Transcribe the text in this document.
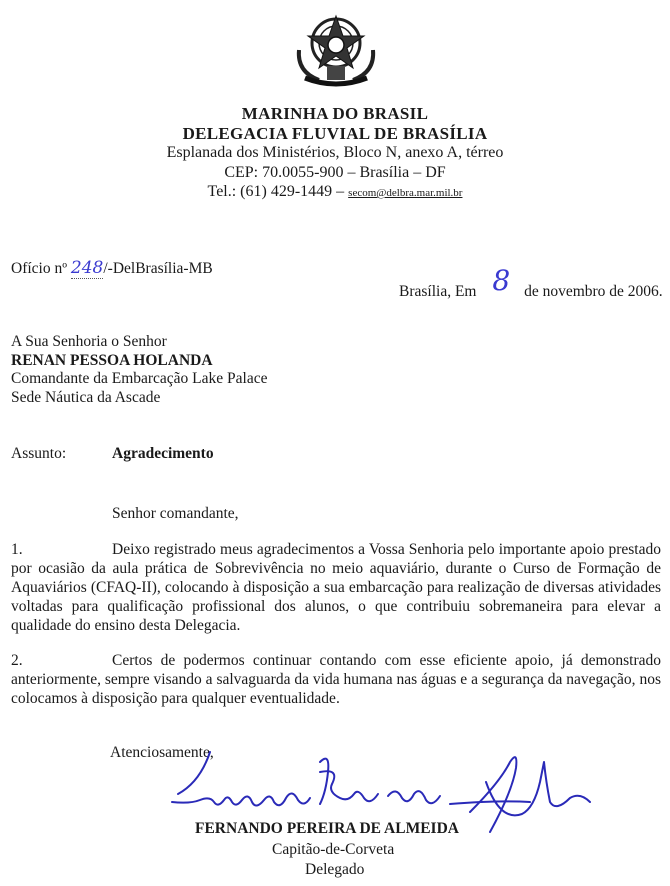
MARINHA DO BRASIL
DELEGACIA FLUVIAL DE BRASÍLIA
Esplanada dos Ministérios, Bloco N, anexo A, térreo
CEP: 70.0055-900 – Brasília – DF
Tel.: (61) 429-1449 – secom@delbra.mar.mil.br
Ofício nº 248/-DelBrasília-MB
Brasília, Em 8 de novembro de 2006.
A Sua Senhoria o Senhor
RENAN PESSOA HOLANDA
Comandante da Embarcação Lake Palace
Sede Náutica da Ascade
Assunto:	Agradecimento
Senhor comandante,
1.	Deixo registrado meus agradecimentos a Vossa Senhoria pelo importante apoio prestado por ocasião da aula prática de Sobrevivência no meio aquaviário, durante o Curso de Formação de Aquaviários (CFAQ-II), colocando à disposição a sua embarcação para realização de diversas atividades voltadas para qualificação profissional dos alunos, o que contribuiu sobremaneira para elevar a qualidade do ensino desta Delegacia.
2.	Certos de podermos continuar contando com esse eficiente apoio, já demonstrado anteriormente, sempre visando a salvaguarda da vida humana nas águas e a segurança da navegação, nos colocamos à disposição para qualquer eventualidade.
Atenciosamente,
FERNANDO PEREIRA DE ALMEIDA
Capitão-de-Corveta
Delegado
